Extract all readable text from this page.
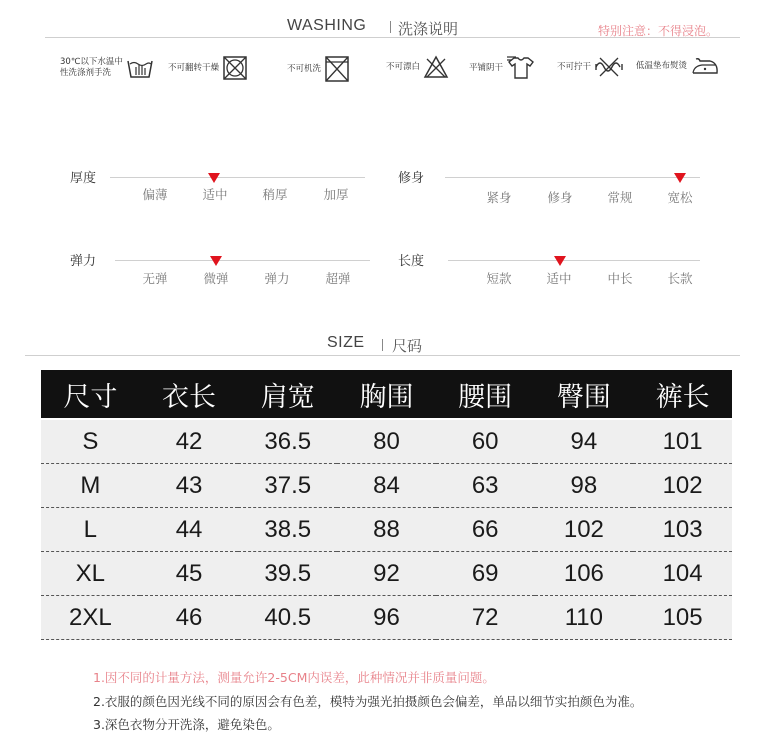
WASHING 洗涤说明	特别注意：不得浸泡。
30℃以下水温中
性洗涤剂手洗
不可翻转干燥	不可机洗	不可漂白	平铺阴干	不可拧干	低温垫布熨烫
厚度
偏薄	适中	稍厚	加厚
修身
紧身	修身	常规	宽松
弹力
无弹	微弹	弹力	超弹
长度
短款	适中	中长	长款
SIZE 尺码
尺寸	衣长	肩宽	胸围	腰围	臀围	裤长

S	42	36.5	80	60	94	101
M	43	37.5	84	63	98	102
L	44	38.5	88	66	102	103
XL	45	39.5	92	69	106	104
2XL	46	40.5	96	72	110	105
1.因不同的计量方法，测量允许2-5CM内误差，此种情况并非质量问题。
2.衣服的颜色因光线不同的原因会有色差，模特为强光拍摄颜色会偏差，单品以细节实拍颜色为准。
3.深色衣物分开洗涤，避免染色。
